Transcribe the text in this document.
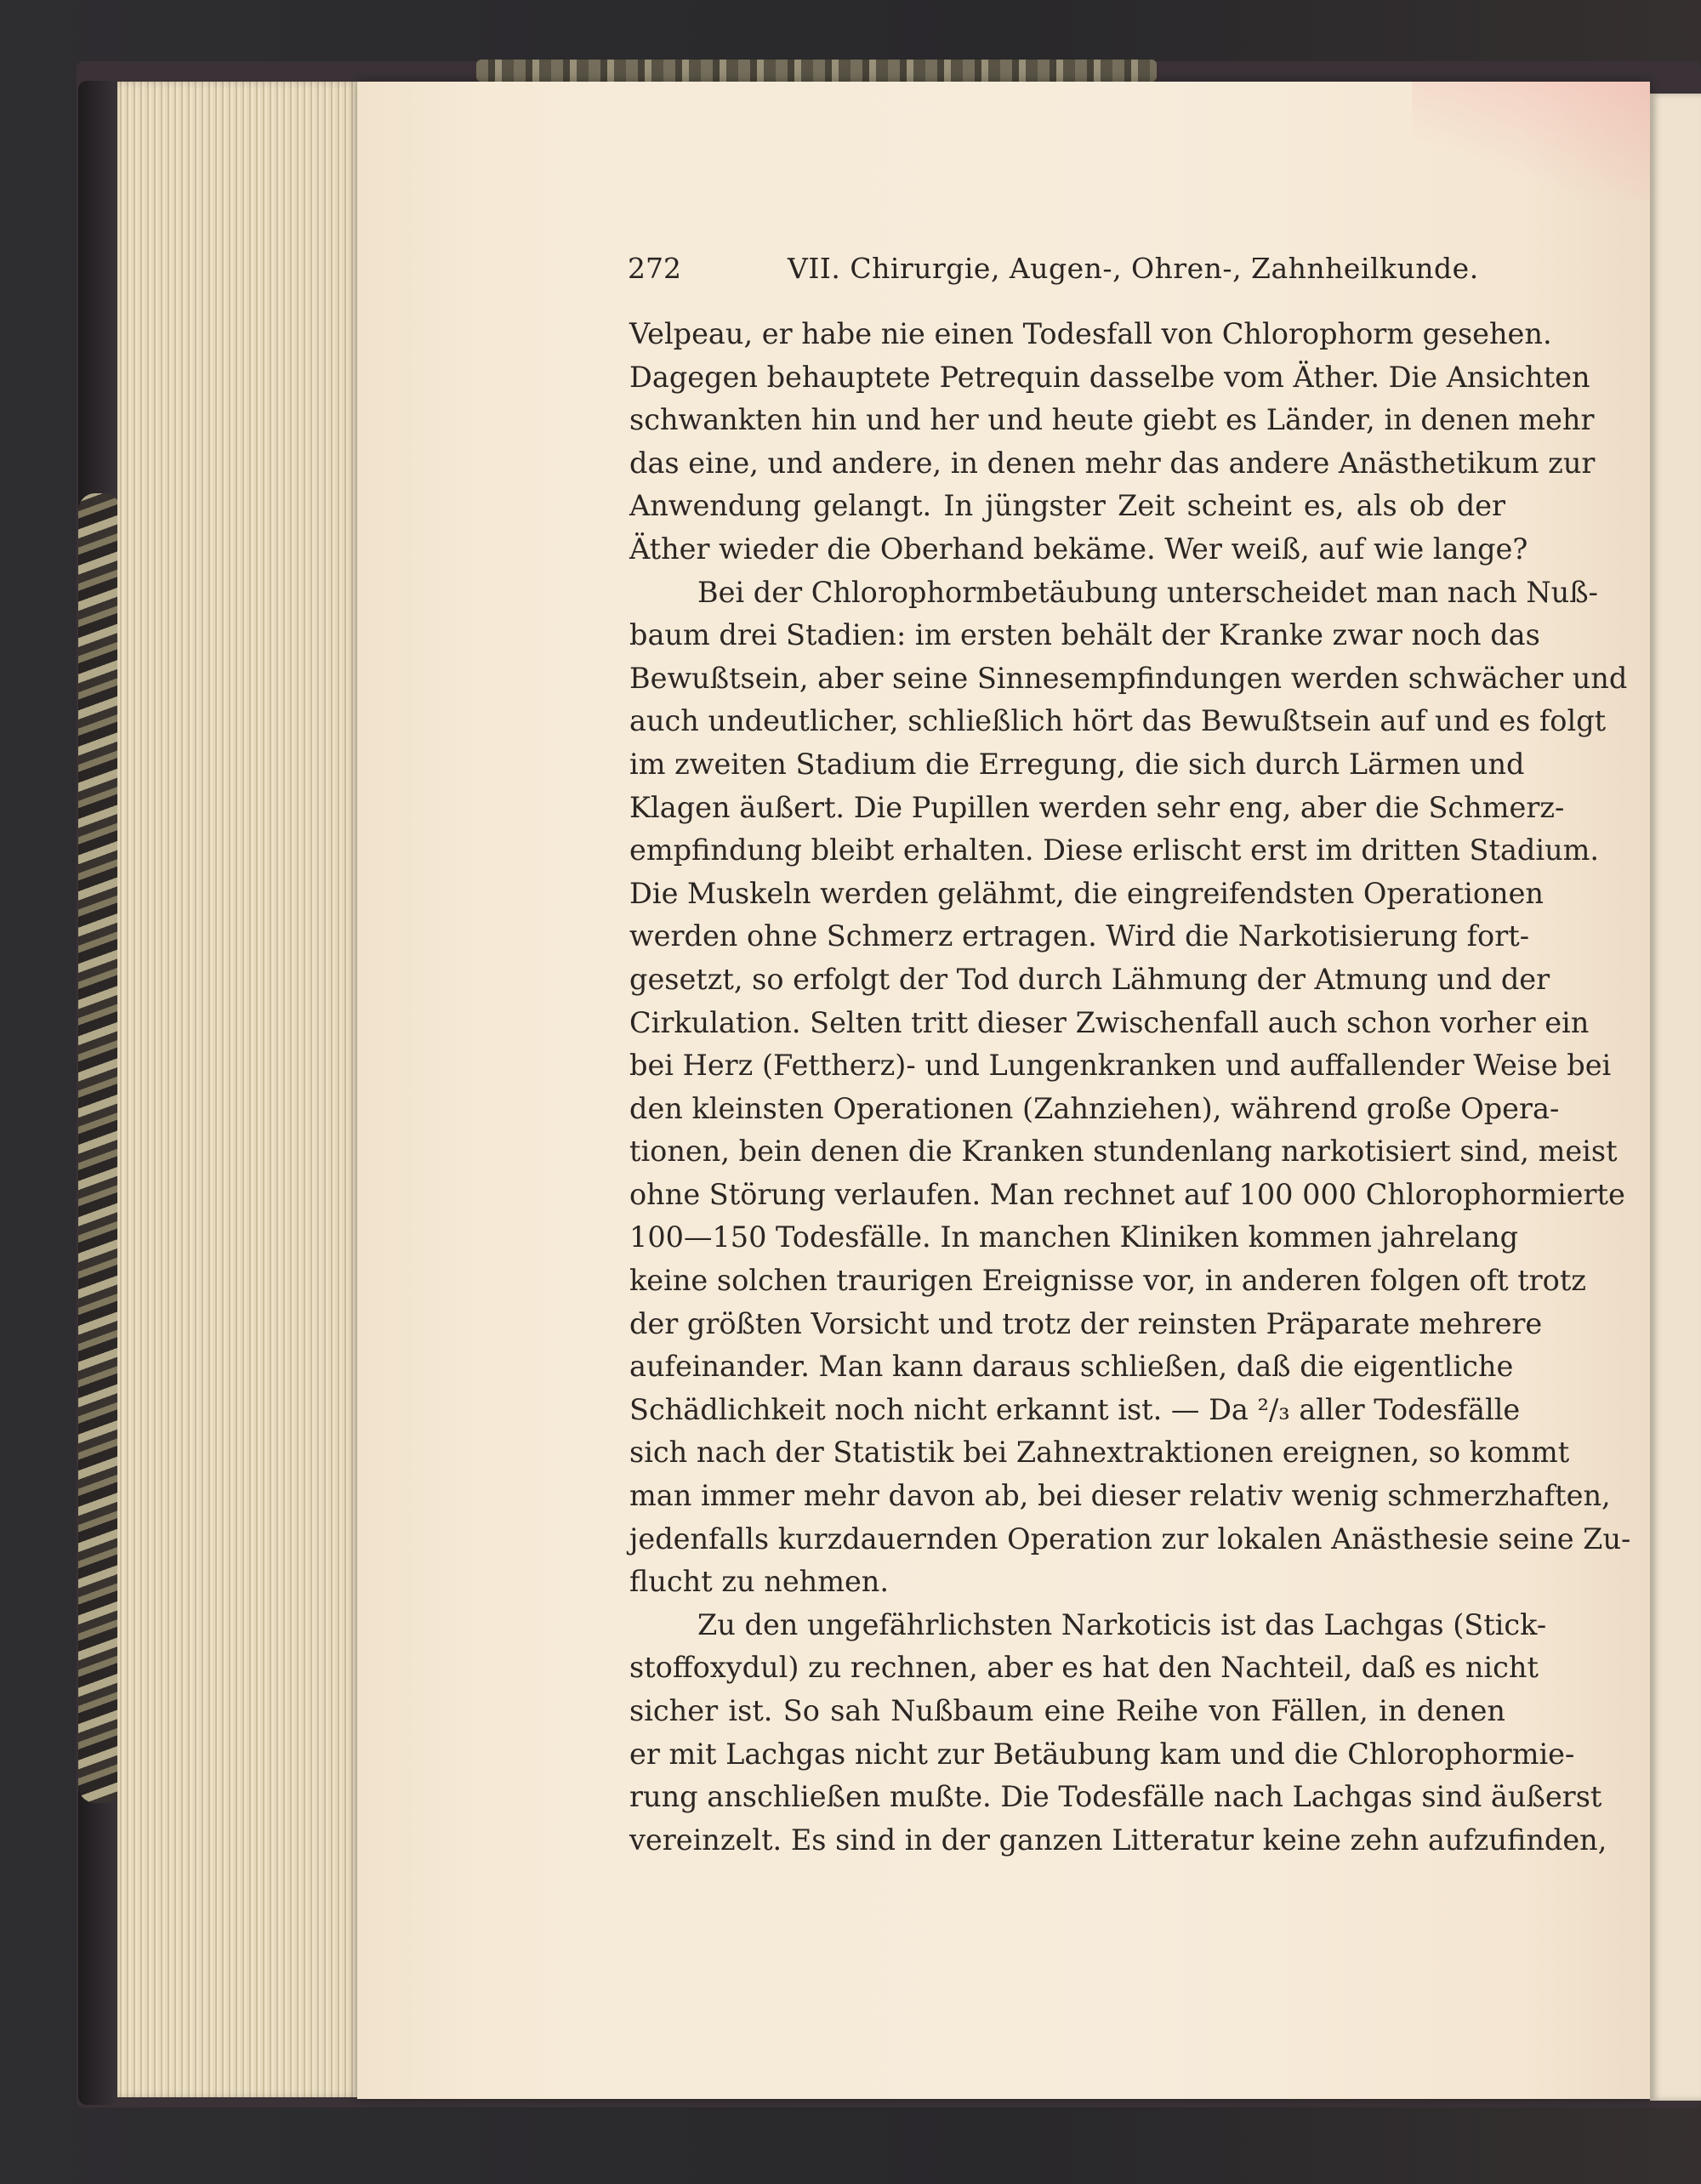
272	VII. Chirurgie, Augen-, Ohren-, Zahnheilkunde.
Velpeau, er habe nie einen Todesfall von Chlorophorm gesehen.
Dagegen behauptete Petrequin dasselbe vom Äther. Die Ansichten
schwankten hin und her und heute giebt es Länder, in denen mehr
das eine, und andere, in denen mehr das andere Anästhetikum zur
Anwendung gelangt. In jüngster Zeit scheint es, als ob der
Äther wieder die Oberhand bekäme. Wer weiß, auf wie lange?
Bei der Chlorophormbetäubung unterscheidet man nach Nuß-
baum drei Stadien: im ersten behält der Kranke zwar noch das
Bewußtsein, aber seine Sinnesempfindungen werden schwächer und
auch undeutlicher, schließlich hört das Bewußtsein auf und es folgt
im zweiten Stadium die Erregung, die sich durch Lärmen und
Klagen äußert. Die Pupillen werden sehr eng, aber die Schmerz-
empfindung bleibt erhalten. Diese erlischt erst im dritten Stadium.
Die Muskeln werden gelähmt, die eingreifendsten Operationen
werden ohne Schmerz ertragen. Wird die Narkotisierung fort-
gesetzt, so erfolgt der Tod durch Lähmung der Atmung und der
Cirkulation. Selten tritt dieser Zwischenfall auch schon vorher ein
bei Herz (Fettherz)- und Lungenkranken und auffallender Weise bei
den kleinsten Operationen (Zahnziehen), während große Opera-
tionen, bein denen die Kranken stundenlang narkotisiert sind, meist
ohne Störung verlaufen. Man rechnet auf 100 000 Chlorophormierte
100—150 Todesfälle. In manchen Kliniken kommen jahrelang
keine solchen traurigen Ereignisse vor, in anderen folgen oft trotz
der größten Vorsicht und trotz der reinsten Präparate mehrere
aufeinander. Man kann daraus schließen, daß die eigentliche
Schädlichkeit noch nicht erkannt ist. — Da ²/₃ aller Todesfälle
sich nach der Statistik bei Zahnextraktionen ereignen, so kommt
man immer mehr davon ab, bei dieser relativ wenig schmerzhaften,
jedenfalls kurzdauernden Operation zur lokalen Anästhesie seine Zu-
flucht zu nehmen.
Zu den ungefährlichsten Narkoticis ist das Lachgas (Stick-
stoffoxydul) zu rechnen, aber es hat den Nachteil, daß es nicht
sicher ist. So sah Nußbaum eine Reihe von Fällen, in denen
er mit Lachgas nicht zur Betäubung kam und die Chlorophormie-
rung anschließen mußte. Die Todesfälle nach Lachgas sind äußerst
vereinzelt. Es sind in der ganzen Litteratur keine zehn aufzufinden,
